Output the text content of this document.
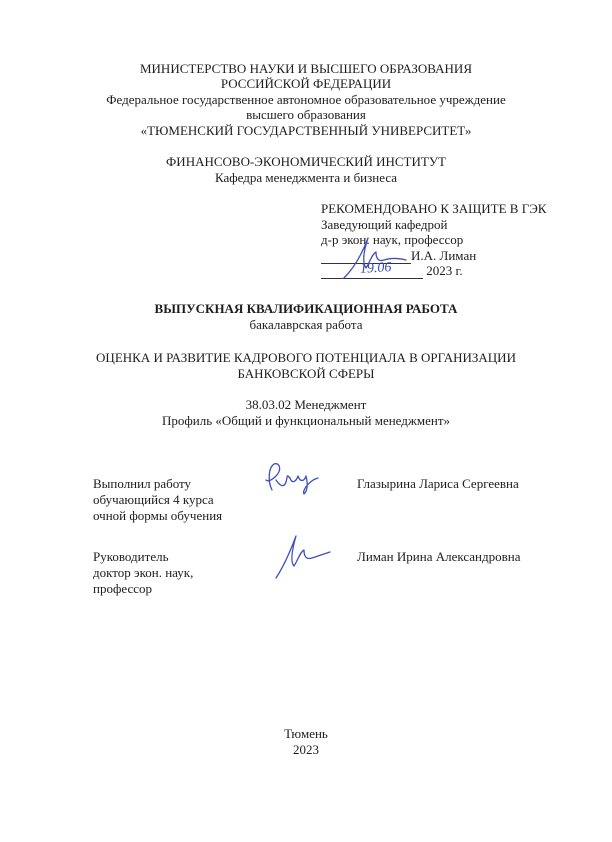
МИНИСТЕРСТВО НАУКИ И ВЫСШЕГО ОБРАЗОВАНИЯ
РОССИЙСКОЙ ФЕДЕРАЦИИ
Федеральное государственное автономное образовательное учреждение
высшего образования
«ТЮМЕНСКИЙ ГОСУДАРСТВЕННЫЙ УНИВЕРСИТЕТ»
ФИНАНСОВО-ЭКОНОМИЧЕСКИЙ ИНСТИТУТ
Кафедра менеджмента и бизнеса
РЕКОМЕНДОВАНО К ЗАЩИТЕ В ГЭК
Заведующий кафедрой
д-р экон. наук, профессор
И.А. Лиман
2023 г.
19.06
ВЫПУСКНАЯ КВАЛИФИКАЦИОННАЯ РАБОТА
бакалаврская работа
ОЦЕНКА И РАЗВИТИЕ КАДРОВОГО ПОТЕНЦИАЛА В ОРГАНИЗАЦИИ
БАНКОВСКОЙ СФЕРЫ
38.03.02 Менеджмент
Профиль «Общий и функциональный менеджмент»
Выполнил работу
обучающийся 4 курса
очной формы обучения
Глазырина Лариса Сергеевна
Руководитель
доктор экон. наук,
профессор
Лиман Ирина Александровна
Тюмень
2023
